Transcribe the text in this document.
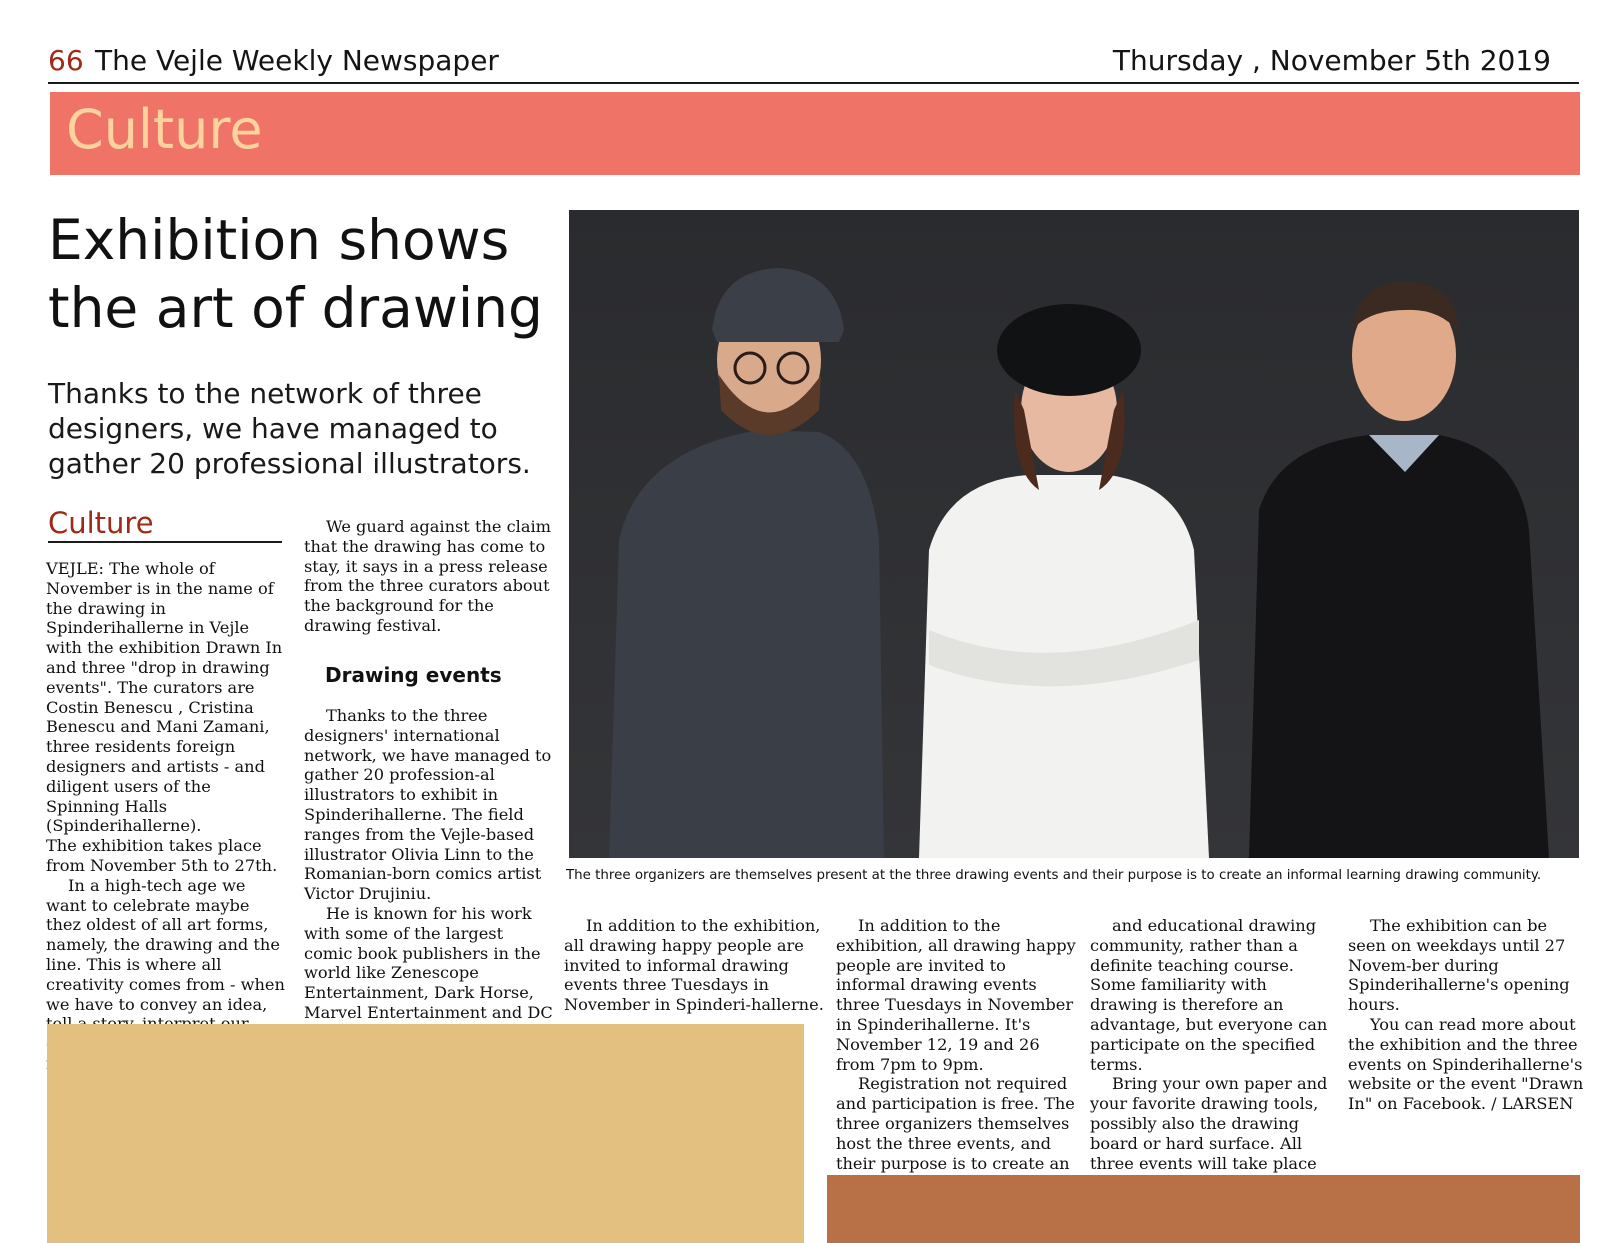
66 The Vejle Weekly Newspaper	Thursday , November 5th 2019
Culture
Exhibition shows the art of drawing
Thanks to the network of three designers, we have managed to gather 20 professional illustrators.
The three organizers are themselves present at the three drawing events and their purpose is to create an informal learning drawing community.
Culture

VEJLE: The whole of November is in the name of the drawing in Spinderihallerne in Vejle with the exhibition Drawn In and three "drop in drawing events". The curators are Costin Benescu , Cristina Benescu and Mani Zamani, three residents foreign designers and artists - and diligent users of the Spinning Halls (Spinderihallerne).

The exhibition takes place from November 5th to 27th.

In a high-tech age we want to celebrate maybe thez oldest of all art forms, namely, the drawing and the line. This is where all creativity comes from - when we have to convey an idea,

We guard against the claim that the drawing has come to stay, it says in a press release from the three curators about the background for the drawing festival.

Drawing events

Thanks to the three designers' international network, we have managed to gather 20 profession-al illustrators to exhibit in Spinderihallerne. The field ranges from the Vejle-based illustrator Olivia Linn to the Romanian-born comics artist Victor Drujiniu.

He is known for his work with some of the largest comic book publishers in the world like Zenescope Entertainment, Dark Horse, Marvel Entertainment and DC

In addition to the exhibition, all drawing happy people are invited to informal drawing events three Tuesdays in November in Spinderi-hallerne.

In addition to the exhibition, all drawing happy people are invited to informal drawing events three Tuesdays in November in Spinderihallerne. It's November 12, 19 and 26 from 7pm to 9pm.

Registration not required and participation is free. The three organizers themselves host the three events, and their purpose is to create an

and educational drawing community, rather than a definite teaching course. Some familiarity with drawing is therefore an advantage, but everyone can participate on the specified terms.

Bring your own paper and your favorite drawing tools, possibly also the drawing board or hard surface. All three events will take place

The exhibition can be seen on weekdays until 27 Novem-ber during Spinderihallerne's opening hours.

You can read more about the exhibition and the three events on Spinderihallerne's website or the event "Drawn In" on Facebook. / LARSEN
